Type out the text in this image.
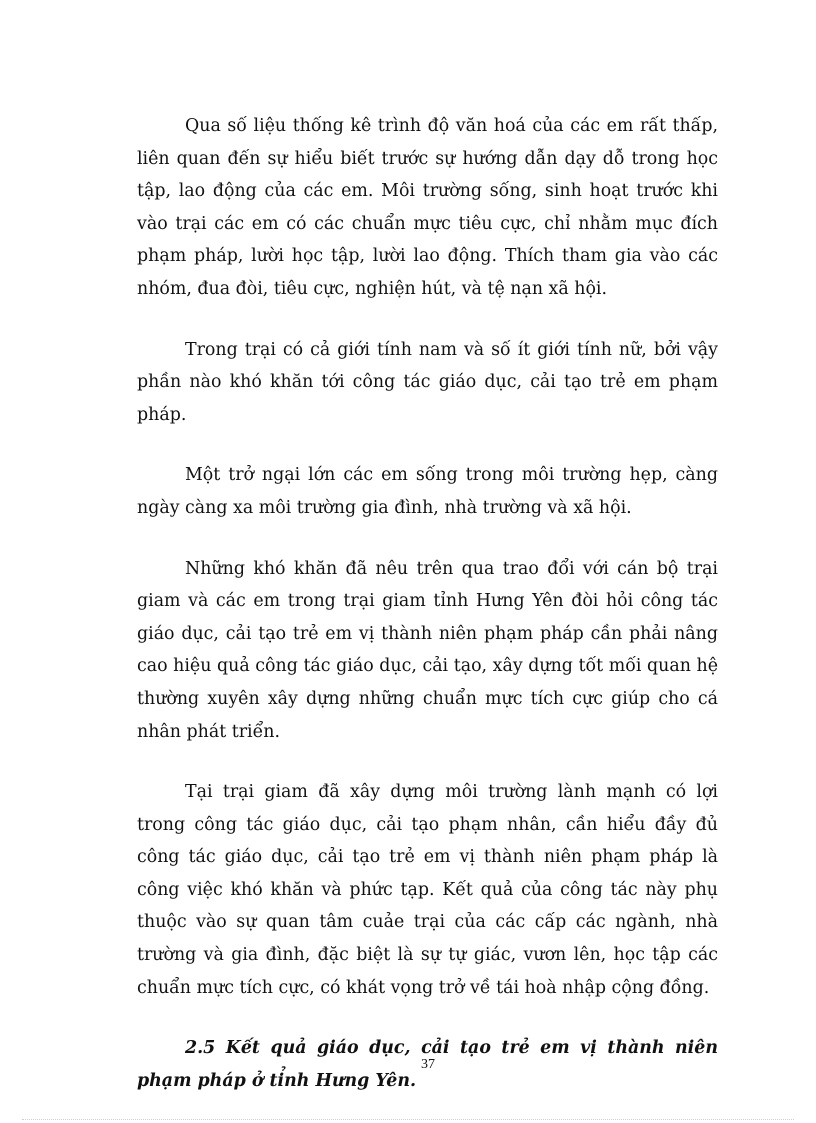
Qua số liệu thống kê trình độ văn hoá của các em rất thấp, liên quan đến sự hiểu biết trước sự hướng dẫn dạy dỗ trong học tập, lao động của các em. Môi trường sống, sinh hoạt trước khi vào trại các em có các chuẩn mực tiêu cực, chỉ nhằm mục đích phạm pháp, lười học tập, lười lao động. Thích tham gia vào các nhóm, đua đòi, tiêu cực, nghiện hút, và tệ nạn xã hội.

Trong trại có cả giới tính nam và số ít giới tính nữ, bởi vậy phần nào khó khăn tới công tác giáo dục, cải tạo trẻ em phạm pháp.

Một trở ngại lớn các em sống trong môi trường hẹp, càng ngày càng xa môi trường gia đình, nhà trường và xã hội.

Những khó khăn đã nêu trên qua trao đổi với cán bộ trại giam và các em trong trại giam tỉnh Hưng Yên đòi hỏi công tác giáo dục, cải tạo trẻ em vị thành niên phạm pháp cần phải nâng cao hiệu quả công tác giáo dục, cải tạo, xây dựng tốt mối quan hệ thường xuyên xây dựng những chuẩn mực tích cực giúp cho cá nhân phát triển.

Tại trại giam đã xây dựng môi trường lành mạnh có lợi trong công tác giáo dục, cải tạo phạm nhân, cần hiểu đầy đủ công tác giáo dục, cải tạo trẻ em vị thành niên phạm pháp là công việc khó khăn và phức tạp. Kết quả của công tác này phụ thuộc vào sự quan tâm cuảe trại của các cấp các ngành, nhà trường và gia đình, đặc biệt là sự tự giác, vươn lên, học tập các chuẩn mực tích cực, có khát vọng trở về tái hoà nhập cộng đồng.

2.5 Kết quả giáo dục, cải tạo trẻ em vị thành niên phạm pháp ở tỉnh Hưng Yên.

37
